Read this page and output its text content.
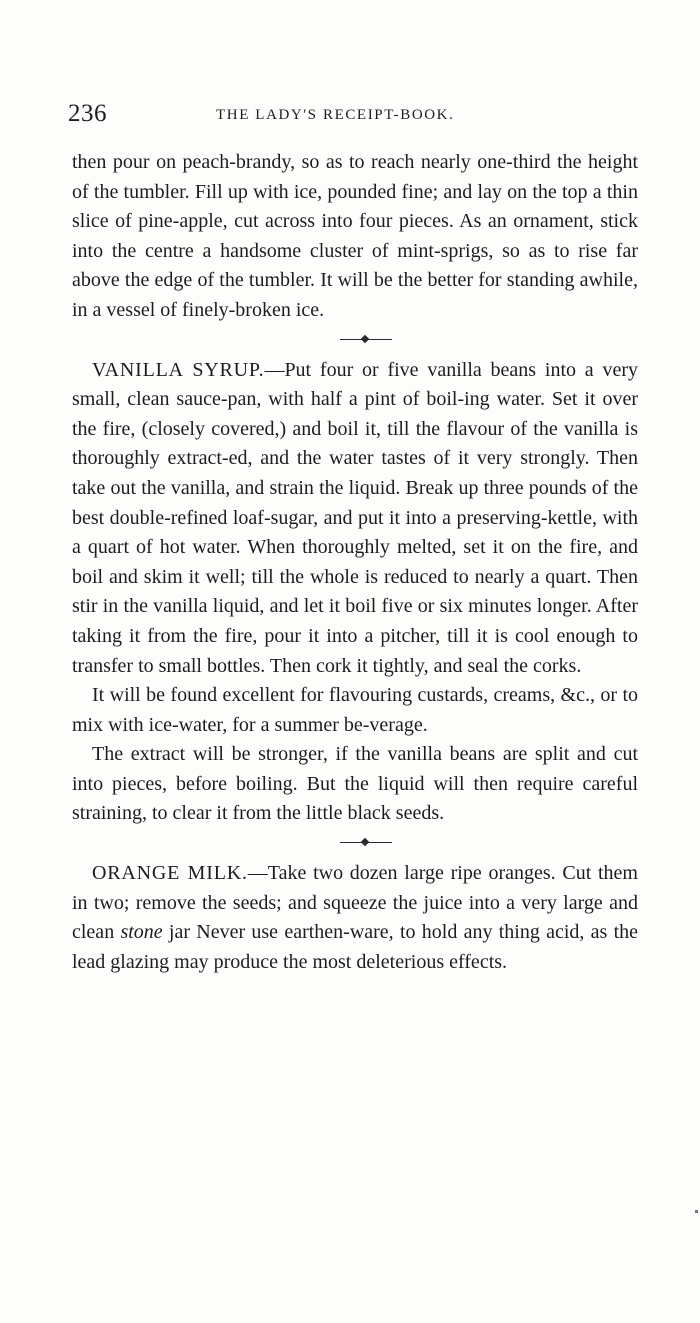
236	THE LADY'S RECEIPT-BOOK.

then pour on peach-brandy, so as to reach nearly one-third the height of the tumbler. Fill up with ice, pounded fine; and lay on the top a thin slice of pine-apple, cut across into four pieces. As an ornament, stick into the centre a handsome cluster of mint-sprigs, so as to rise far above the edge of the tumbler. It will be the better for standing awhile, in a vessel of finely-broken ice.

VANILLA SYRUP.—Put four or five vanilla beans into a very small, clean sauce-pan, with half a pint of boil-ing water. Set it over the fire, (closely covered,) and boil it, till the flavour of the vanilla is thoroughly extract-ed, and the water tastes of it very strongly. Then take out the vanilla, and strain the liquid. Break up three pounds of the best double-refined loaf-sugar, and put it into a preserving-kettle, with a quart of hot water. When thoroughly melted, set it on the fire, and boil and skim it well; till the whole is reduced to nearly a quart. Then stir in the vanilla liquid, and let it boil five or six minutes longer. After taking it from the fire, pour it into a pitcher, till it is cool enough to transfer to small bottles. Then cork it tightly, and seal the corks.

It will be found excellent for flavouring custards, creams, &c., or to mix with ice-water, for a summer be-verage.

The extract will be stronger, if the vanilla beans are split and cut into pieces, before boiling. But the liquid will then require careful straining, to clear it from the little black seeds.

ORANGE MILK.—Take two dozen large ripe oranges. Cut them in two; remove the seeds; and squeeze the juice into a very large and clean stone jar Never use earthen-ware, to hold any thing acid, as the lead glazing may produce the most deleterious effects.
